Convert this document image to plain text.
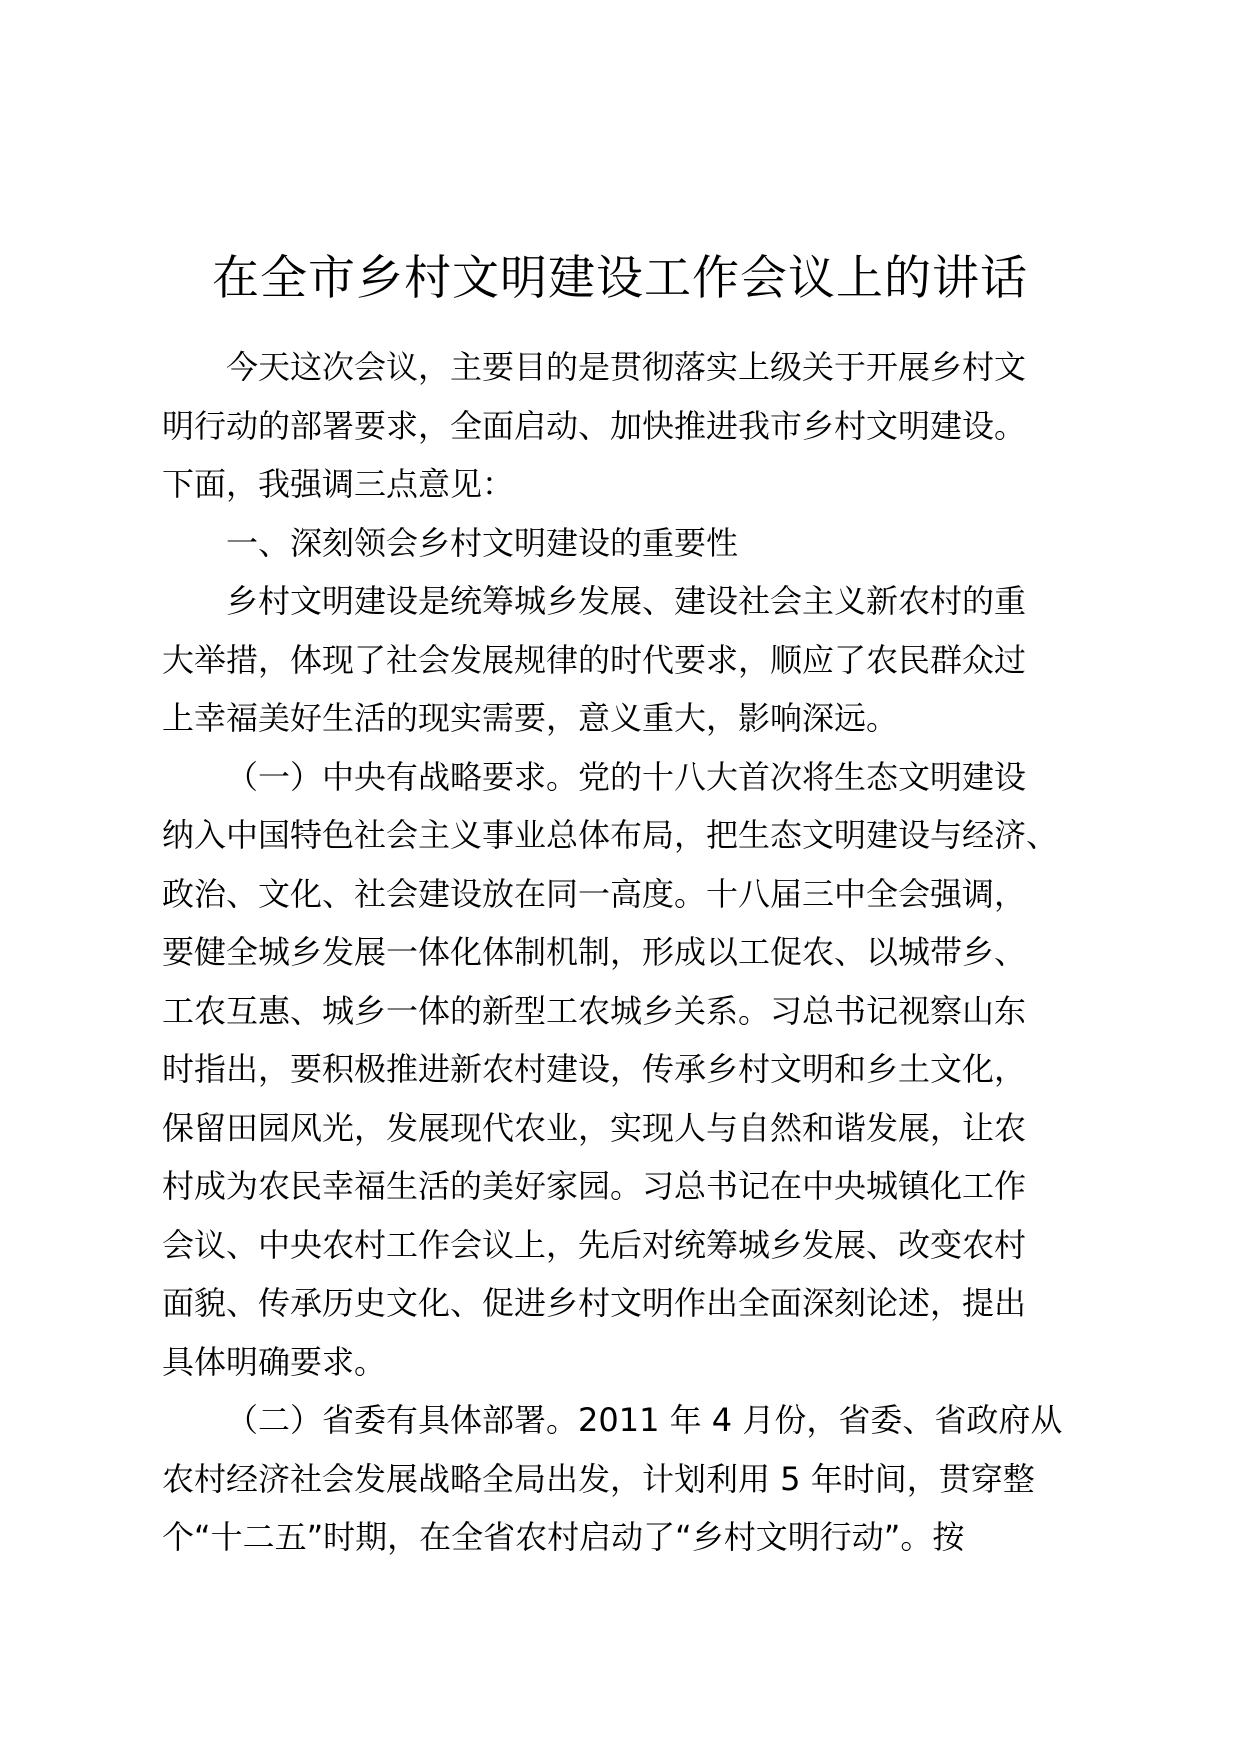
在全市乡村文明建设工作会议上的讲话
今天这次会议，主要目的是贯彻落实上级关于开展乡村文
明行动的部署要求，全面启动、加快推进我市乡村文明建设。
下面，我强调三点意见：
一、深刻领会乡村文明建设的重要性
乡村文明建设是统筹城乡发展、建设社会主义新农村的重
大举措，体现了社会发展规律的时代要求，顺应了农民群众过
上幸福美好生活的现实需要，意义重大，影响深远。
（一）中央有战略要求。党的十八大首次将生态文明建设
纳入中国特色社会主义事业总体布局，把生态文明建设与经济、
政治、文化、社会建设放在同一高度。十八届三中全会强调，
要健全城乡发展一体化体制机制，形成以工促农、以城带乡、
工农互惠、城乡一体的新型工农城乡关系。习总书记视察山东
时指出，要积极推进新农村建设，传承乡村文明和乡土文化，
保留田园风光，发展现代农业，实现人与自然和谐发展，让农
村成为农民幸福生活的美好家园。习总书记在中央城镇化工作
会议、中央农村工作会议上，先后对统筹城乡发展、改变农村
面貌、传承历史文化、促进乡村文明作出全面深刻论述，提出
具体明确要求。
（二）省委有具体部署。2011 年 4 月份，省委、省政府从
农村经济社会发展战略全局出发，计划利用 5 年时间，贯穿整
个“十二五”时期，在全省农村启动了“乡村文明行动”。按
